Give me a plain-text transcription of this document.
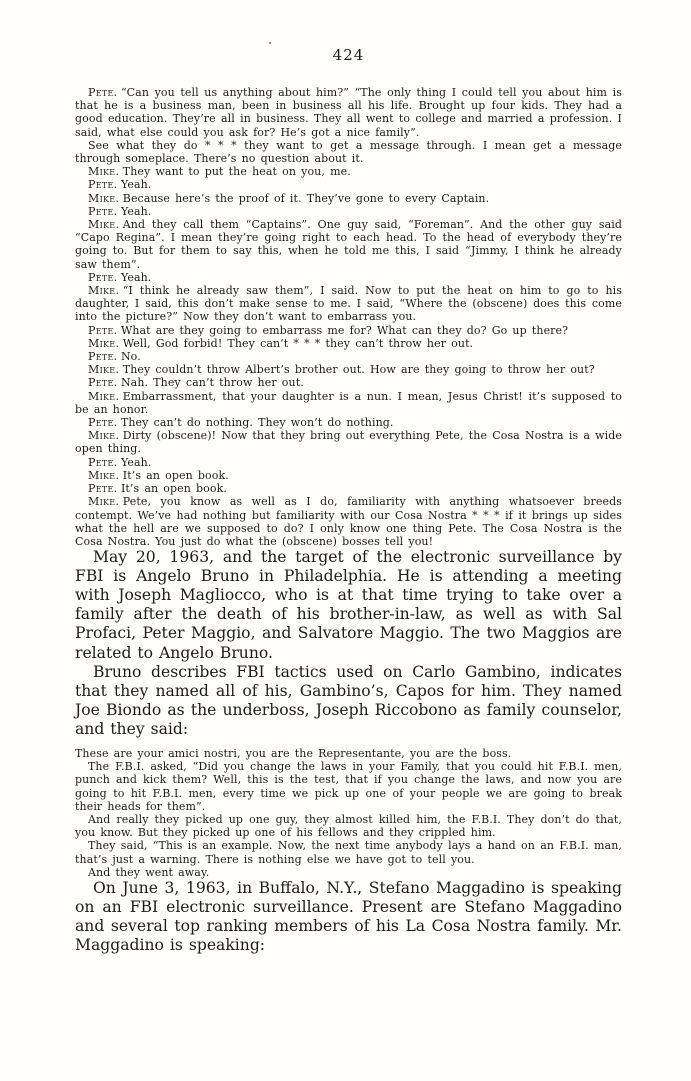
424

Pete. “Can you tell us anything about him?” “The only thing I could tell you about him is that he is a business man, been in business all his life. Brought up four kids. They had a good education. They’re all in business. They all went to college and married a profession. I said, what else could you ask for? He’s got a nice family”.

See what they do * * * they want to get a message through. I mean get a message through someplace. There’s no question about it.

Mike. They want to put the heat on you, me.

Pete. Yeah.

Mike. Because here’s the proof of it. They’ve gone to every Captain.

Pete. Yeah.

Mike. And they call them “Captains”. One guy said, “Foreman”. And the other guy said “Capo Regina”. I mean they’re going right to each head. To the head of everybody they’re going to. But for them to say this, when he told me this, I said “Jimmy, I think he already saw them”.

Pete. Yeah.

Mike. “I think he already saw them”, I said. Now to put the heat on him to go to his daughter, I said, this don’t make sense to me. I said, “Where the (obscene) does this come into the picture?” Now they don’t want to embarrass you.

Pete. What are they going to embarrass me for? What can they do? Go up there?

Mike. Well, God forbid! They can’t * * * they can’t throw her out.

Pete. No.

Mike. They couldn’t throw Albert’s brother out. How are they going to throw her out?

Pete. Nah. They can’t throw her out.

Mike. Embarrassment, that your daughter is a nun. I mean, Jesus Christ! it’s supposed to be an honor.

Pete. They can’t do nothing. They won’t do nothing.

Mike. Dirty (obscene)! Now that they bring out everything Pete, the Cosa Nostra is a wide open thing.

Pete. Yeah.

Mike. It’s an open book.

Pete. It’s an open book.

Mike. Pete, you know as well as I do, familiarity with anything whatsoever breeds contempt. We’ve had nothing but familiarity with our Cosa Nostra * * * if it brings up sides what the hell are we supposed to do? I only know one thing Pete. The Cosa Nostra is the Cosa Nostra. You just do what the (obscene) bosses tell you!

May 20, 1963, and the target of the electronic surveillance by FBI is Angelo Bruno in Philadelphia. He is attending a meeting with Joseph Magliocco, who is at that time trying to take over a family after the death of his brother-in-law, as well as with Sal Profaci, Peter Maggio, and Salvatore Maggio. The two Maggios are related to Angelo Bruno.

Bruno describes FBI tactics used on Carlo Gambino, indicates that they named all of his, Gambino’s, Capos for him. They named Joe Biondo as the underboss, Joseph Riccobono as family counselor, and they said:

These are your amici nostri, you are the Representante, you are the boss.

The F.B.I. asked, “Did you change the laws in your Family, that you could hit F.B.I. men, punch and kick them? Well, this is the test, that if you change the laws, and now you are going to hit F.B.I. men, every time we pick up one of your people we are going to break their heads for them”.

And really they picked up one guy, they almost killed him, the F.B.I. They don’t do that, you know. But they picked up one of his fellows and they crippled him.

They said, “This is an example. Now, the next time anybody lays a hand on an F.B.I. man, that’s just a warning. There is nothing else we have got to tell you.

And they went away.

On June 3, 1963, in Buffalo, N.Y., Stefano Maggadino is speaking on an FBI electronic surveillance. Present are Stefano Maggadino and several top ranking members of his La Cosa Nostra family. Mr. Maggadino is speaking:
